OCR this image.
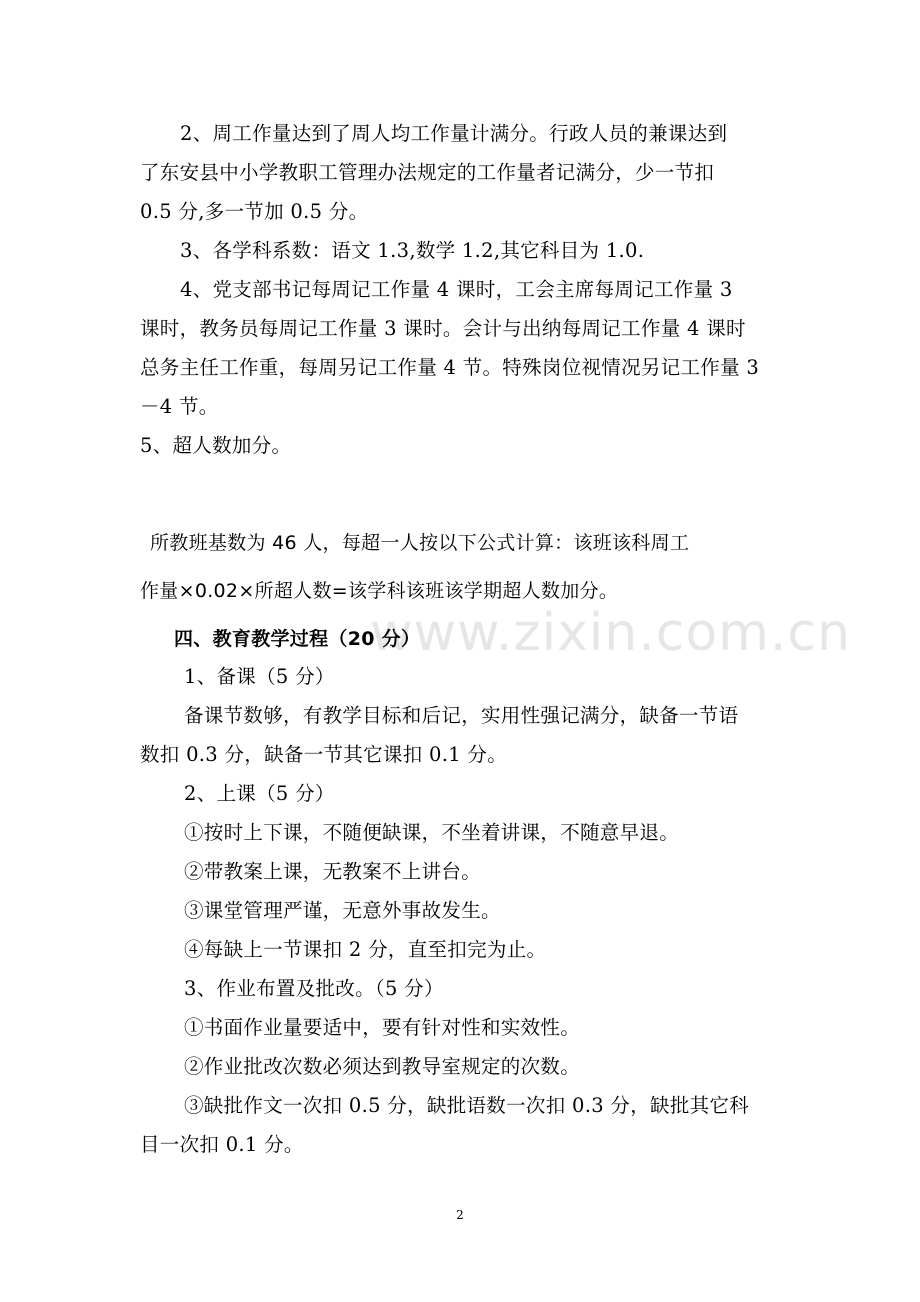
www.zixin.com.cn
2、周工作量达到了周人均工作量计满分。行政人员的兼课达到
了东安县中小学教职工管理办法规定的工作量者记满分，少一节扣
0.5 分,多一节加 0.5 分。
3、各学科系数：语文 1.3,数学 1.2,其它科目为 1.0.
4、党支部书记每周记工作量 4 课时，工会主席每周记工作量 3
课时，教务员每周记工作量 3 课时。会计与出纳每周记工作量 4 课时
总务主任工作重，每周另记工作量 4 节。特殊岗位视情况另记工作量 3
－4 节。
5、超人数加分。
所教班基数为 46 人，每超一人按以下公式计算：该班该科周工
作量×0.02×所超人数=该学科该班该学期超人数加分。
四、教育教学过程（20 分）
1、备课（5 分）
备课节数够，有教学目标和后记，实用性强记满分，缺备一节语
数扣 0.3 分，缺备一节其它课扣 0.1 分。
2、上课（5 分）
①按时上下课，不随便缺课，不坐着讲课，不随意早退。
②带教案上课，无教案不上讲台。
③课堂管理严谨，无意外事故发生。
④每缺上一节课扣 2 分，直至扣完为止。
3、作业布置及批改。（5 分）
①书面作业量要适中，要有针对性和实效性。
②作业批改次数必须达到教导室规定的次数。
③缺批作文一次扣 0.5 分，缺批语数一次扣 0.3 分，缺批其它科
目一次扣 0.1 分。
2
